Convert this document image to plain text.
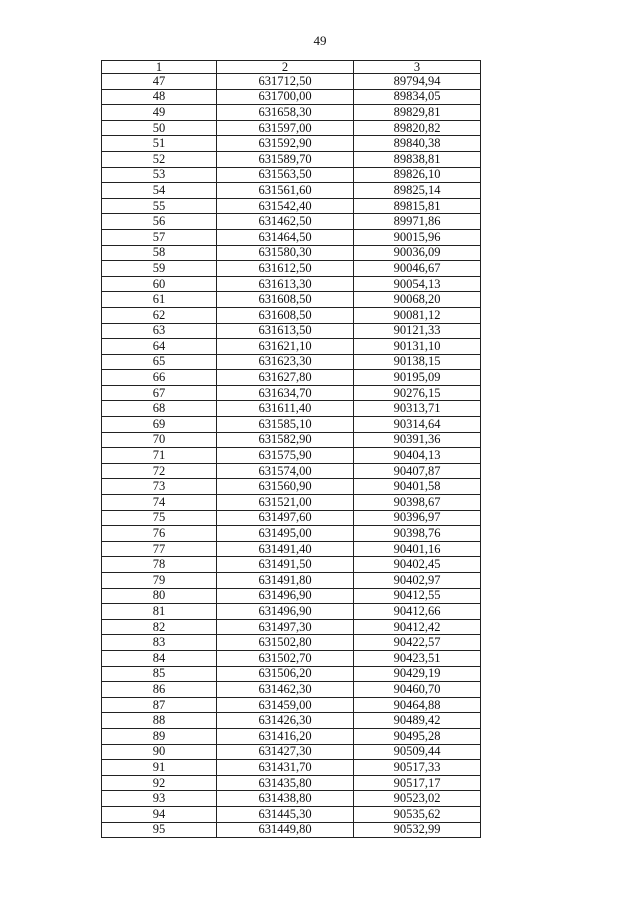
49
1	2	3
47	631712,50	89794,94
48	631700,00	89834,05
49	631658,30	89829,81
50	631597,00	89820,82
51	631592,90	89840,38
52	631589,70	89838,81
53	631563,50	89826,10
54	631561,60	89825,14
55	631542,40	89815,81
56	631462,50	89971,86
57	631464,50	90015,96
58	631580,30	90036,09
59	631612,50	90046,67
60	631613,30	90054,13
61	631608,50	90068,20
62	631608,50	90081,12
63	631613,50	90121,33
64	631621,10	90131,10
65	631623,30	90138,15
66	631627,80	90195,09
67	631634,70	90276,15
68	631611,40	90313,71
69	631585,10	90314,64
70	631582,90	90391,36
71	631575,90	90404,13
72	631574,00	90407,87
73	631560,90	90401,58
74	631521,00	90398,67
75	631497,60	90396,97
76	631495,00	90398,76
77	631491,40	90401,16
78	631491,50	90402,45
79	631491,80	90402,97
80	631496,90	90412,55
81	631496,90	90412,66
82	631497,30	90412,42
83	631502,80	90422,57
84	631502,70	90423,51
85	631506,20	90429,19
86	631462,30	90460,70
87	631459,00	90464,88
88	631426,30	90489,42
89	631416,20	90495,28
90	631427,30	90509,44
91	631431,70	90517,33
92	631435,80	90517,17
93	631438,80	90523,02
94	631445,30	90535,62
95	631449,80	90532,99
